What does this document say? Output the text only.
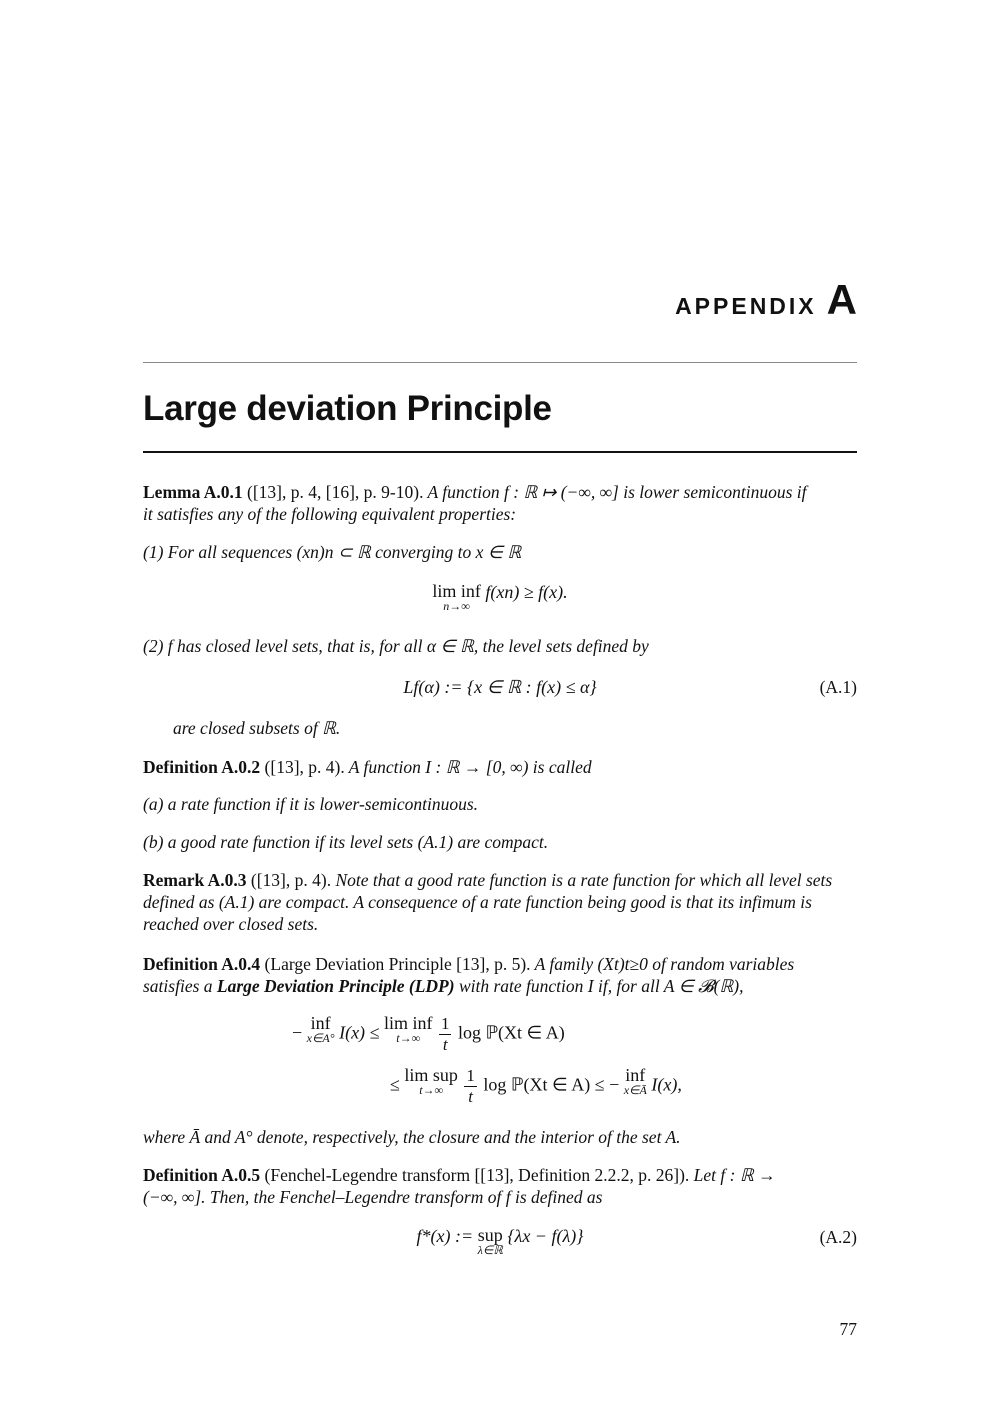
APPENDIX A
Large deviation Principle
Lemma A.0.1 ([13], p. 4, [16], p. 9-10). A function f : ℝ ↦ (−∞, ∞] is lower semicontinuous if
it satisfies any of the following equivalent properties:
(1) For all sequences (xn)n ⊂ ℝ converging to x ∈ ℝ
lim inf
n→∞
f(xn) ≥ f(x).
(2) f has closed level sets, that is, for all α ∈ ℝ, the level sets defined by
Lf(α) := {x ∈ ℝ : f(x) ≤ α}	(A.1)
are closed subsets of ℝ.
Definition A.0.2 ([13], p. 4). A function I : ℝ → [0, ∞) is called
(a) a rate function if it is lower-semicontinuous.
(b) a good rate function if its level sets (A.1) are compact.
Remark A.0.3 ([13], p. 4). Note that a good rate function is a rate function for which all level sets
defined as (A.1) are compact. A consequence of a rate function being good is that its infimum is
reached over closed sets.
Definition A.0.4 (Large Deviation Principle [13], p. 5). A family (Xt)t≥0 of random variables
satisfies a Large Deviation Principle (LDP) with rate function I if, for all A ∈ 𝓑(ℝ),
− inf
x∈A° I(x) ≤ lim inf
t→∞
	$\frac{1}{t}$ log ℙ(Xt ∈ A)
≤ lim sup
t→∞
	$\frac{1}{t}$ log ℙ(Xt ∈ A) ≤ − inf
x∈Ā I(x),
where Ā and A° denote, respectively, the closure and the interior of the set A.
Definition A.0.5 (Fenchel-Legendre transform [[13], Definition 2.2.2, p. 26]). Let f : ℝ →
(−∞, ∞]. Then, the Fenchel–Legendre transform of f is defined as
f*(x) := sup
λ∈ℝ
{λx − f(λ)}	(A.2)
77
